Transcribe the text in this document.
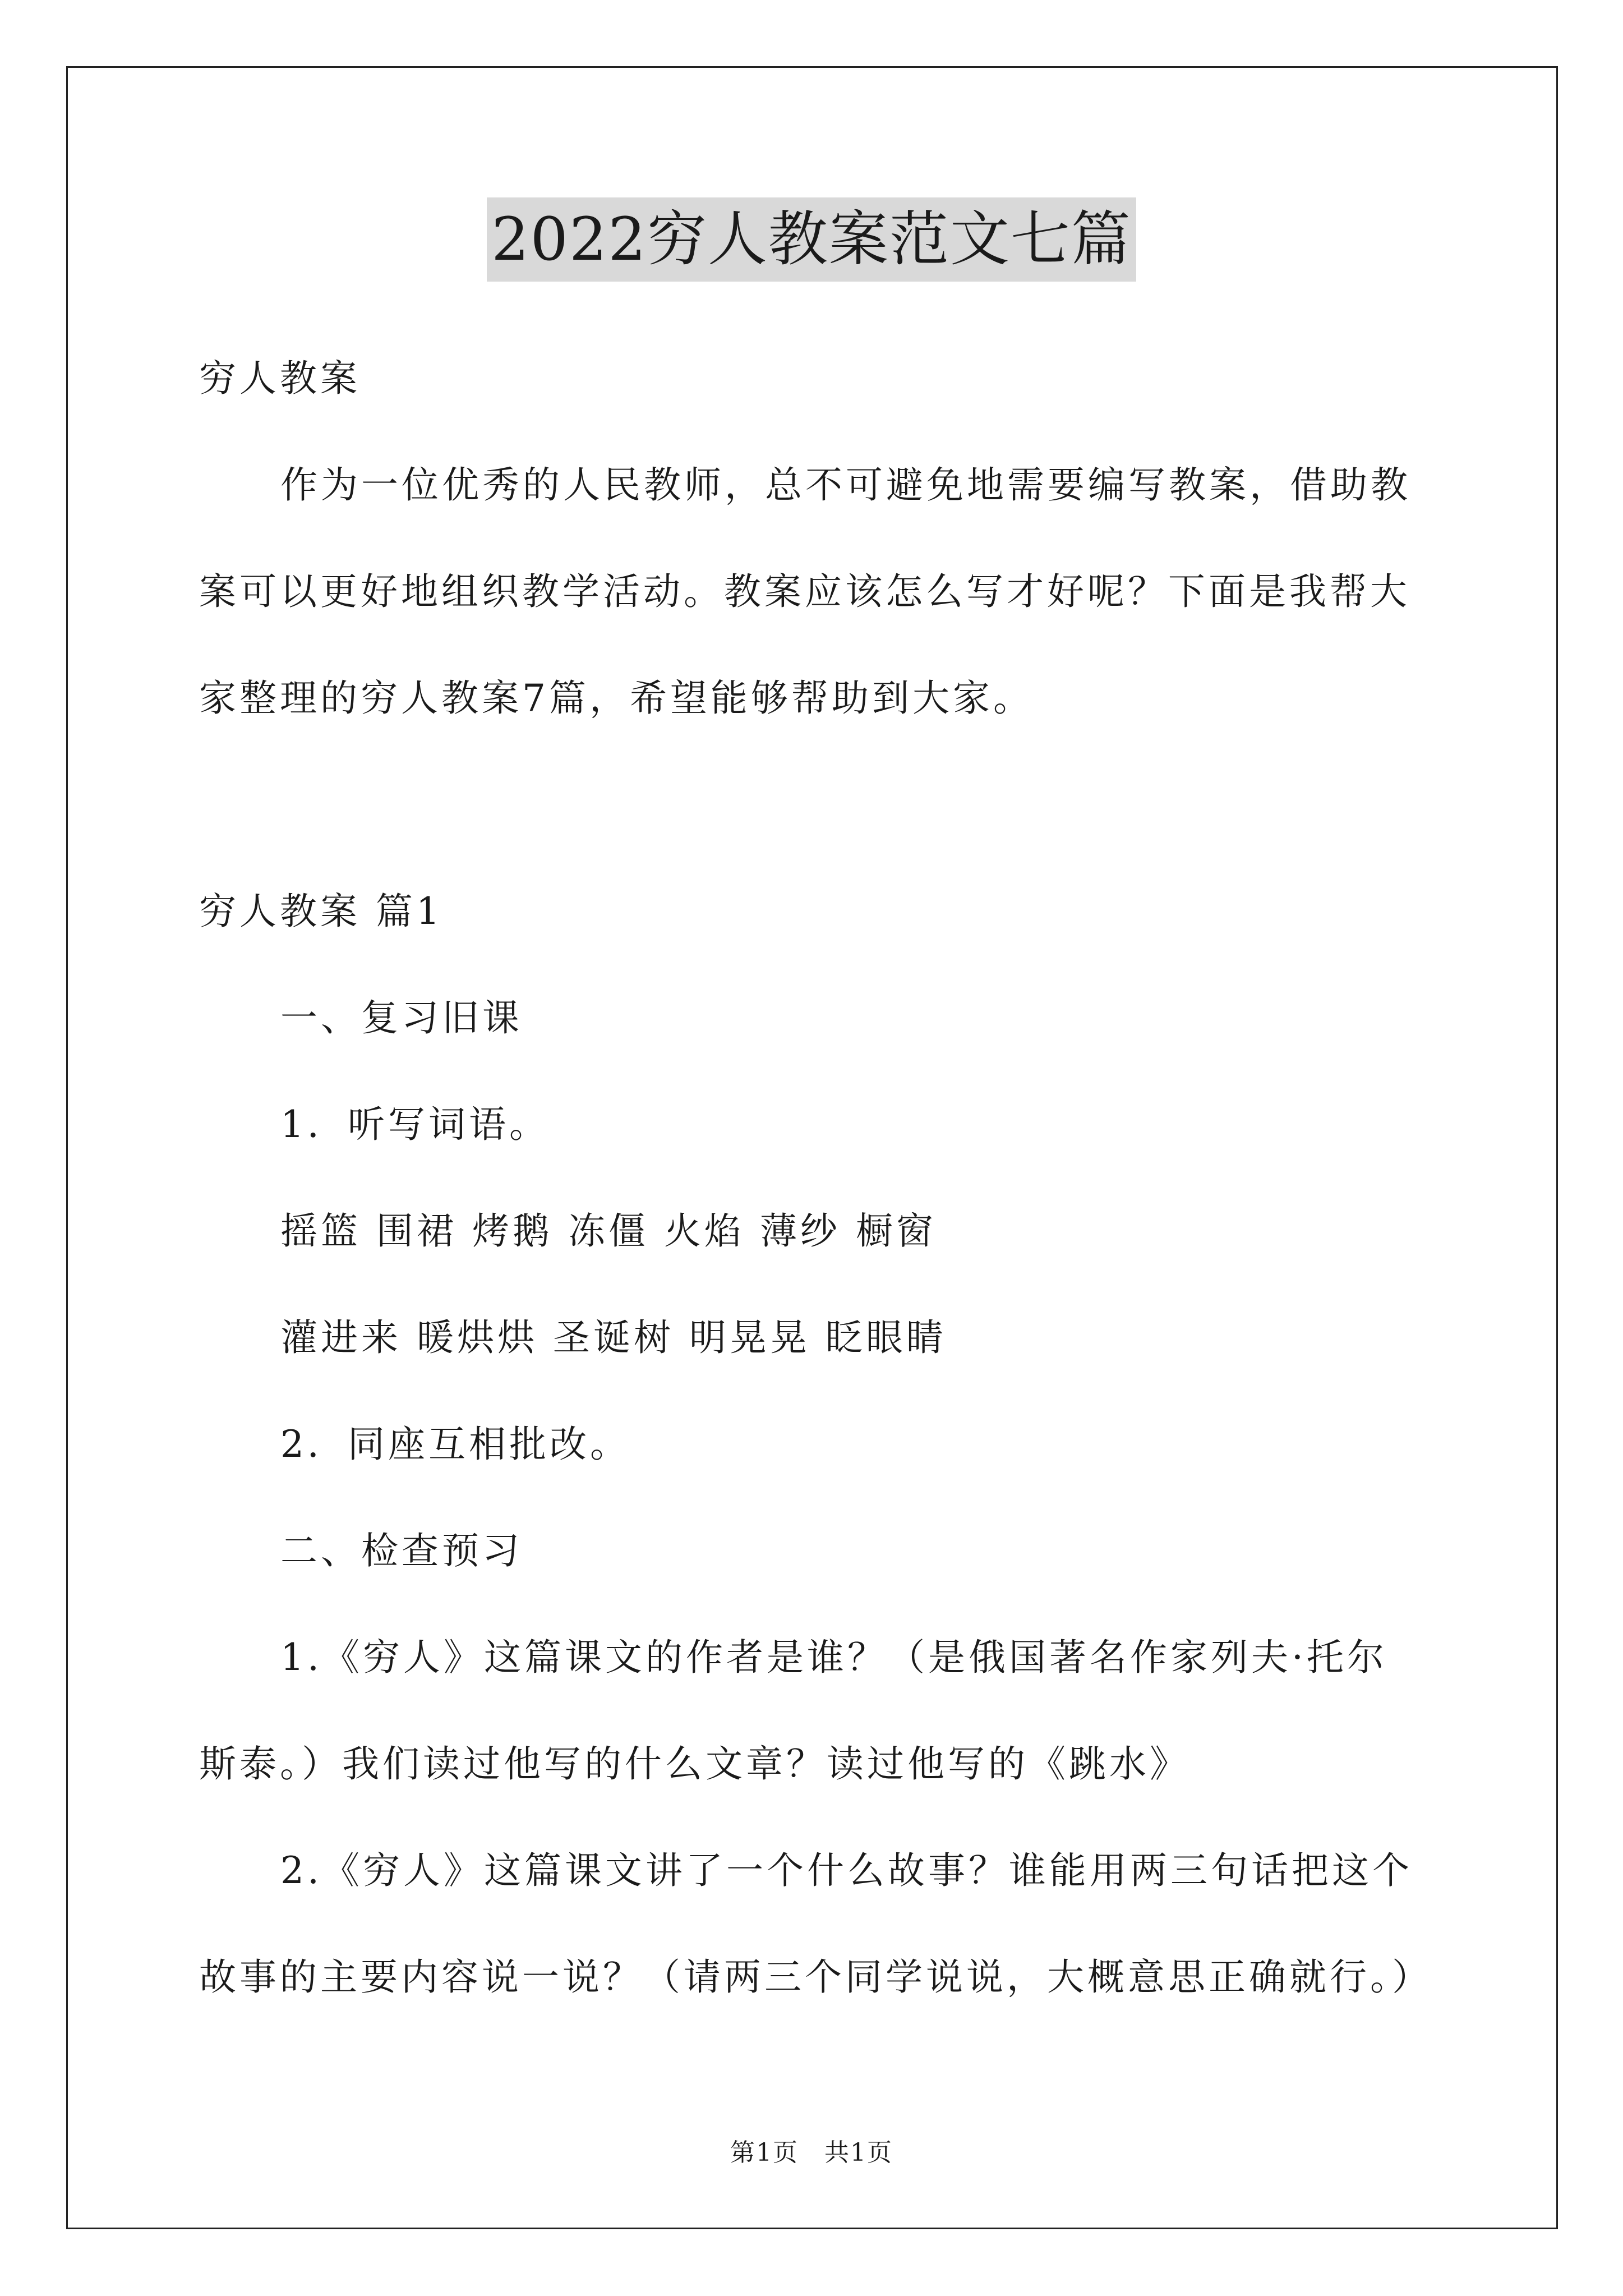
2022穷人教案范文七篇
穷人教案
作为一位优秀的人民教师，总不可避免地需要编写教案，借助教
案可以更好地组织教学活动。教案应该怎么写才好呢？下面是我帮大
家整理的穷人教案7篇，希望能够帮助到大家。
穷人教案 篇1
一、复习旧课
1．听写词语。
摇篮 围裙 烤鹅 冻僵 火焰 薄纱 橱窗
灌进来 暖烘烘 圣诞树 明晃晃 眨眼睛
2．同座互相批改。
二、检查预习
1.《穷人》这篇课文的作者是谁？（是俄国著名作家列夫·托尔
斯泰。）我们读过他写的什么文章？读过他写的《跳水》
2.《穷人》这篇课文讲了一个什么故事？谁能用两三句话把这个
故事的主要内容说一说？（请两三个同学说说，大概意思正确就行。）
第1页　共1页
